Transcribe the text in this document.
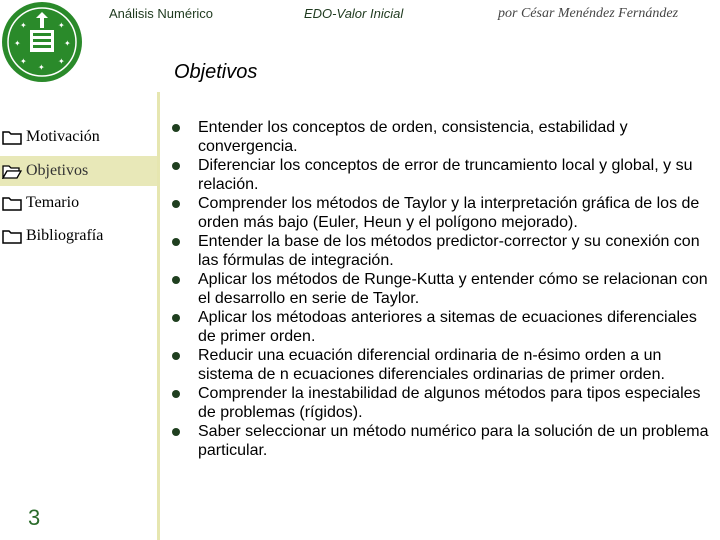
✦	✦
✦	✦
✦	✦
✦
Análisis Numérico	EDO-Valor Inicial	por César Menéndez Fernández
Objetivos
Motivación
Objetivos
Temario
Bibliografía
3
Entender los conceptos de orden, consistencia, estabilidad y convergencia.
Diferenciar los conceptos de error de truncamiento local y global, y su relación.
Comprender los métodos de Taylor y la interpretación gráfica de los de orden más bajo (Euler, Heun y el polígono mejorado).
Entender la base de los métodos predictor-corrector y su conexión con las fórmulas de integración.
Aplicar los métodos de Runge-Kutta y entender cómo se relacionan con el desarrollo en serie de Taylor.
Aplicar los métodoas anteriores a sitemas de ecuaciones diferenciales de primer orden.
Reducir una ecuación diferencial ordinaria de n-ésimo orden a un sistema de n ecuaciones diferenciales ordinarias de primer orden.
Comprender la inestabilidad de algunos métodos para tipos especiales de problemas (rígidos).
Saber seleccionar un método numérico para la solución de un problema particular.
